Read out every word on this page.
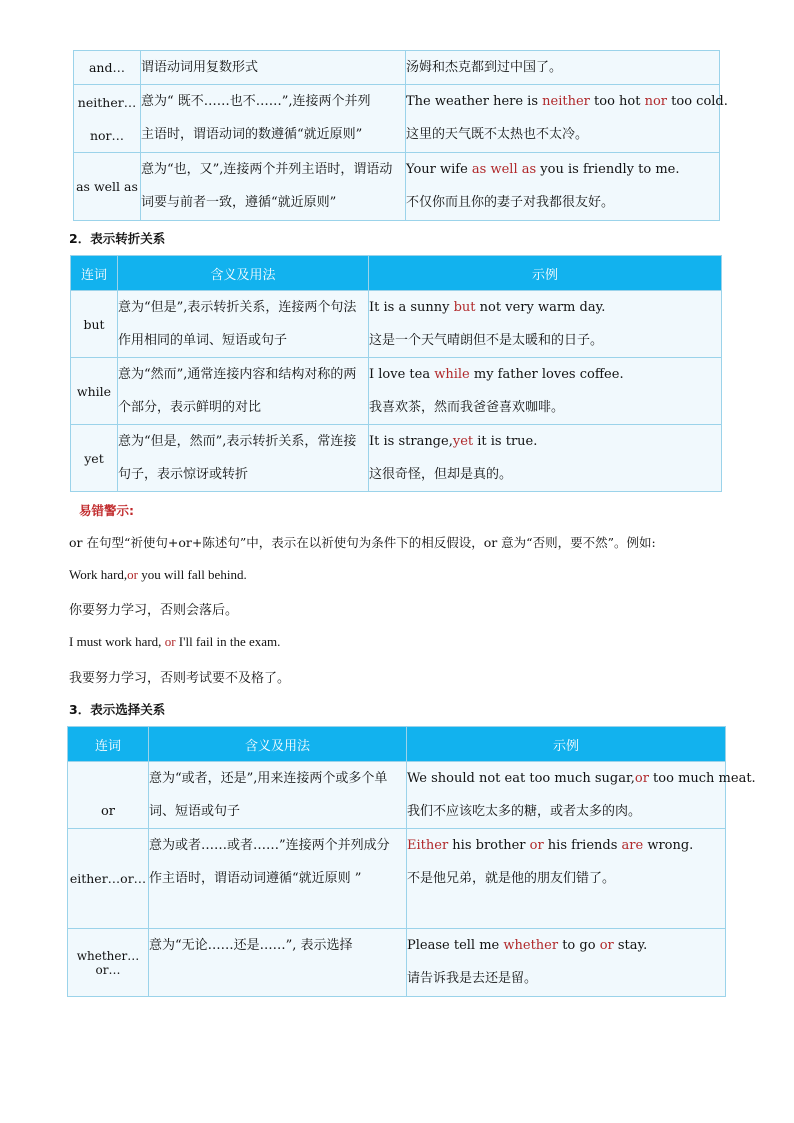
and…	谓语动词用复数形式	汤姆和杰克都到过中国了。

neither…
nor…	意为“ 既不……也不……”,连接两个并列
主语时，谓语动词的数遵循“就近原则”	The weather here is neither too hot nor too cold.
这里的天气既不太热也不太冷。

as well as	意为“也，又”,连接两个并列主语时，谓语动
词要与前者一致，遵循“就近原则”	Your wife as well as you is friendly to me.
不仅你而且你的妻子对我都很友好。
2．表示转折关系
连词	含义及用法	示例
but	意为“但是”,表示转折关系，连接两个句法
作用相同的单词、短语或句子	It is a sunny but not very warm day.
这是一个天气晴朗但不是太暖和的日子。

while	意为“然而”,通常连接内容和结构对称的两
个部分，表示鲜明的对比	I love tea while my father loves coffee.
我喜欢茶，然而我爸爸喜欢咖啡。

yet	意为“但是，然而”,表示转折关系，常连接
句子，表示惊讶或转折	It is strange,yet it is true.
这很奇怪，但却是真的。
易错警示:
or 在句型“祈使句+or+陈述句”中，表示在以祈使句为条件下的相反假设，or 意为“否则，要不然”。例如:
Work hard,or you will fall behind.
你要努力学习，否则会落后。
I must work hard, or I'll fail in the exam.
我要努力学习，否则考试要不及格了。
3．表示选择关系
连词	含义及用法	示例

or	意为“或者，还是”,用来连接两个或多个单
词、短语或句子	We should not eat too much sugar,or too much meat.
我们不应该吃太多的糖，或者太多的肉。

either…or…	意为或者……或者……”连接两个并列成分
作主语时，谓语动词遵循“就近原则 ”	Either his brother or his friends are wrong.
不是他兄弟，就是他的朋友们错了。

whether…or…	意为“无论……还是……”, 表示选择	Please tell me whether to go or stay.
请告诉我是去还是留。
